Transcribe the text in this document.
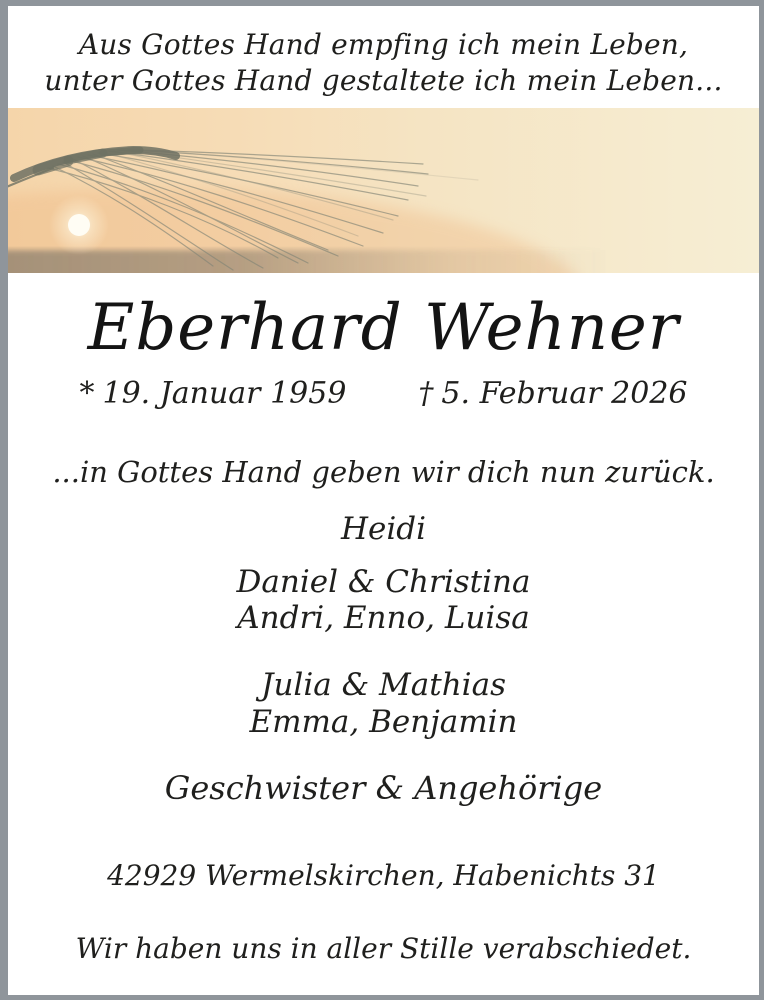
Aus Gottes Hand empfing ich mein Leben,
unter Gottes Hand gestaltete ich mein Leben...
Eberhard Wehner
* 19. Januar 1959 † 5. Februar 2026

...in Gottes Hand geben wir dich nun zurück.

Heidi

Daniel & Christina

Andri, Enno, Luisa

Julia & Mathias

Emma, Benjamin

Geschwister & Angehörige

42929 Wermelskirchen, Habenichts 31

Wir haben uns in aller Stille verabschiedet.
